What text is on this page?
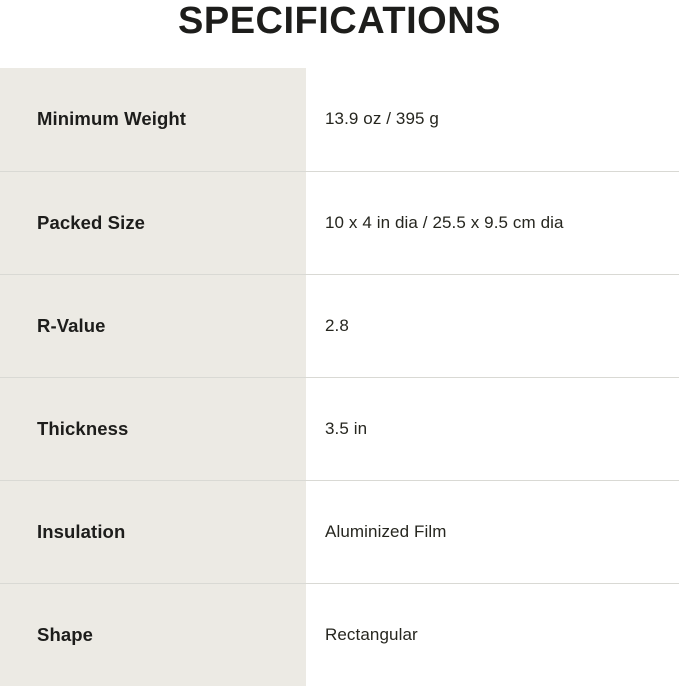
SPECIFICATIONS
Minimum Weight	13.9 oz / 395 g
Packed Size	10 x 4 in dia / 25.5 x 9.5 cm dia
R-Value	2.8
Thickness	3.5 in
Insulation	Aluminized Film
Shape	Rectangular
